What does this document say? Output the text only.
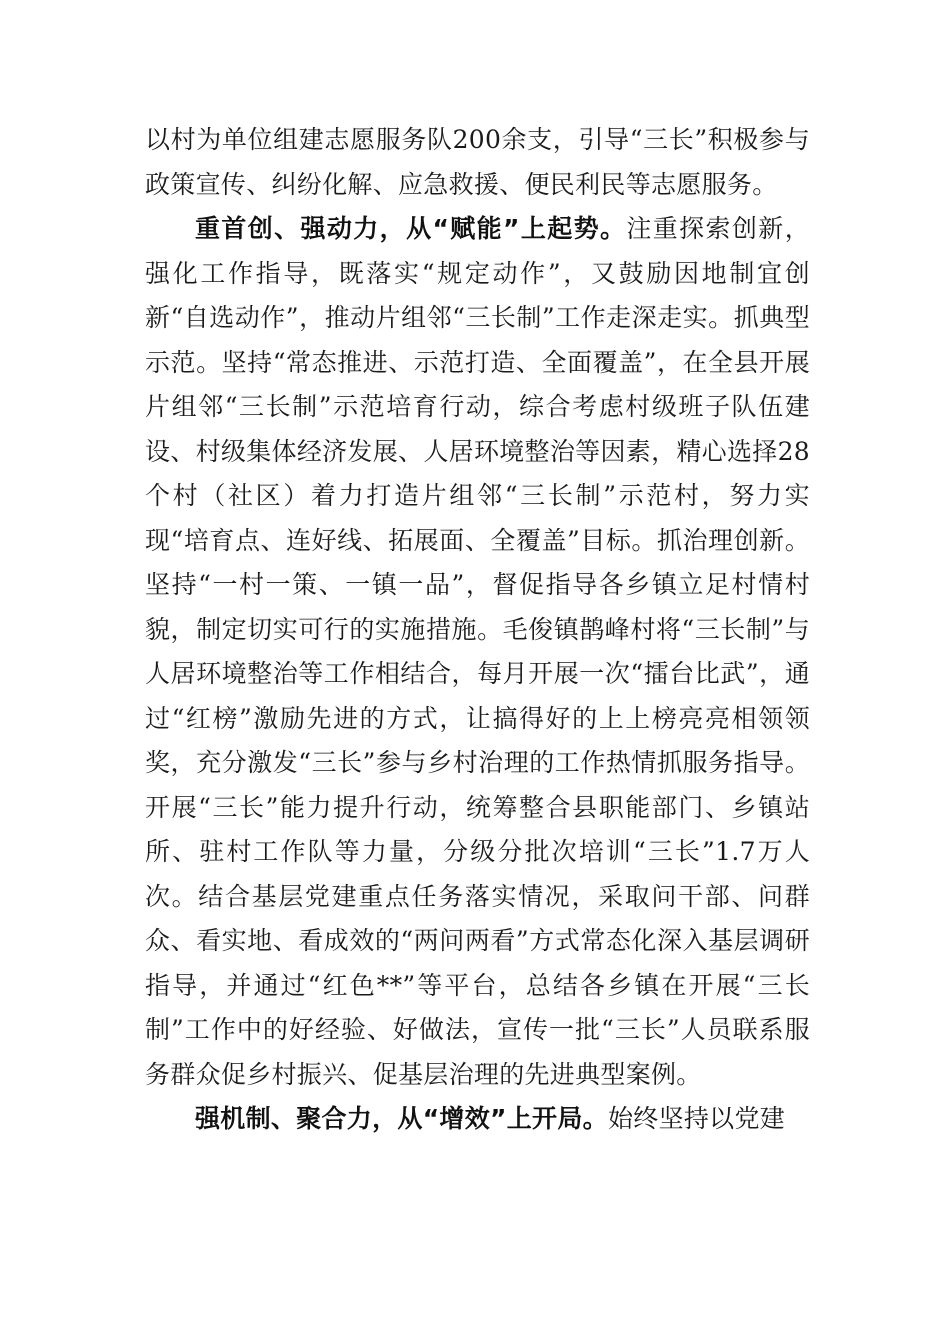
以村为单位组建志愿服务队200余支，引导“三长”积极参与政策宣传、纠纷化解、应急救援、便民利民等志愿服务。

重首创、强动力，从“赋能”上起势。注重探索创新，强化工作指导，既落实“规定动作”，又鼓励因地制宜创新“自选动作”，推动片组邻“三长制”工作走深走实。抓典型示范。坚持“常态推进、示范打造、全面覆盖”，在全县开展片组邻“三长制”示范培育行动，综合考虑村级班子队伍建设、村级集体经济发展、人居环境整治等因素，精心选择28个村（社区）着力打造片组邻“三长制”示范村，努力实现“培育点、连好线、拓展面、全覆盖”目标。抓治理创新。坚持“一村一策、一镇一品”，督促指导各乡镇立足村情村貌，制定切实可行的实施措施。毛俊镇鹊峰村将“三长制”与人居环境整治等工作相结合，每月开展一次“擂台比武”，通过“红榜”激励先进的方式，让搞得好的上上榜亮亮相领领奖，充分激发“三长”参与乡村治理的工作热情抓服务指导。开展“三长”能力提升行动，统筹整合县职能部门、乡镇站所、驻村工作队等力量，分级分批次培训“三长”1.7万人次。结合基层党建重点任务落实情况，采取问干部、问群众、看实地、看成效的“两问两看”方式常态化深入基层调研指导，并通过“红色**”等平台，总结各乡镇在开展“三长制”工作中的好经验、好做法，宣传一批“三长”人员联系服务群众促乡村振兴、促基层治理的先进典型案例。

强机制、聚合力，从“增效”上开局。始终坚持以党建
